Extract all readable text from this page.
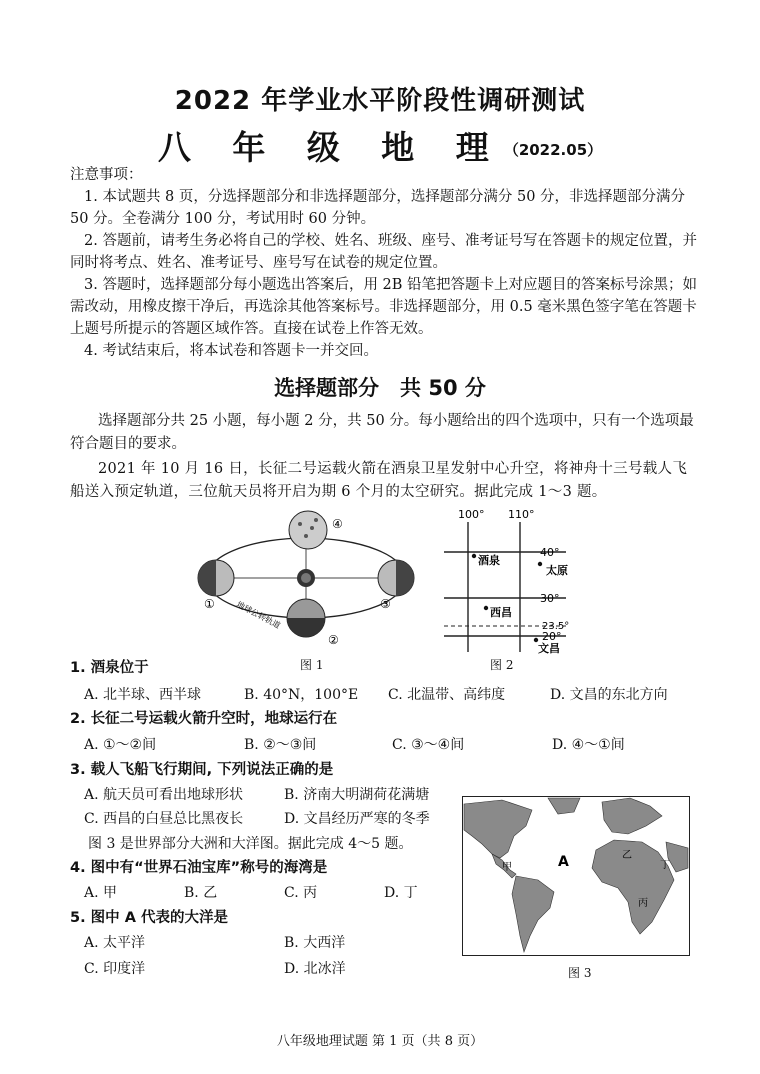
2022 年学业水平阶段性调研测试
八 年 级 地 理（2022.05）

注意事项：

1. 本试题共 8 页，分选择题部分和非选择题部分，选择题部分满分 50 分，非选择题部分满分 50 分。全卷满分 100 分，考试用时 60 分钟。

2. 答题前，请考生务必将自己的学校、姓名、班级、座号、准考证号写在答题卡的规定位置，并同时将考点、姓名、准考证号、座号写在试卷的规定位置。

3. 答题时，选择题部分每小题选出答案后，用 2B 铅笔把答题卡上对应题目的答案标号涂黑；如需改动，用橡皮擦干净后，再选涂其他答案标号。非选择题部分，用 0.5 毫米黑色签字笔在答题卡上题号所提示的答题区域作答。直接在试卷上作答无效。

4. 考试结束后，将本试卷和答题卡一并交回。

选择题部分　共 50 分
选择题部分共 25 小题，每小题 2 分，共 50 分。每小题给出的四个选项中，只有一个选项最符合题目的要求。
2021 年 10 月 16 日，长征二号运载火箭在酒泉卫星发射中心升空，将神舟十三号载人飞船送入预定轨道，三位航天员将开启为期 6 个月的太空研究。据此完成 1～3 题。
①
②
③
④
地球公转轨道
图 1
100° 110°
40°
30°
23.5°
20°
酒泉
太原
西昌
文昌
图 2
1. 酒泉位于
A. 北半球、西半球	B. 40°N，100°E C. 北温带、高纬度	D. 文昌的东北方向
2. 长征二号运载火箭升空时，地球运行在
A. ①～②间	B. ②～③间	C. ③～④间	D. ④～①间
3. 载人飞船飞行期间, 下列说法正确的是
A. 航天员可看出地球形状	B. 济南大明湖荷花满塘
C. 西昌的白昼总比黑夜长	D. 文昌经历严寒的冬季
图 3 是世界部分大洲和大洋图。据此完成 4～5 题。
4. 图中有“世界石油宝库”称号的海湾是
A. 甲	B. 乙	C. 丙	D. 丁
5. 图中 A 代表的大洋是
A. 太平洋	B. 大西洋
C. 印度洋	D. 北冰洋
A
甲
乙
丙
丁
图 3
八年级地理试题 第 1 页（共 8 页）
